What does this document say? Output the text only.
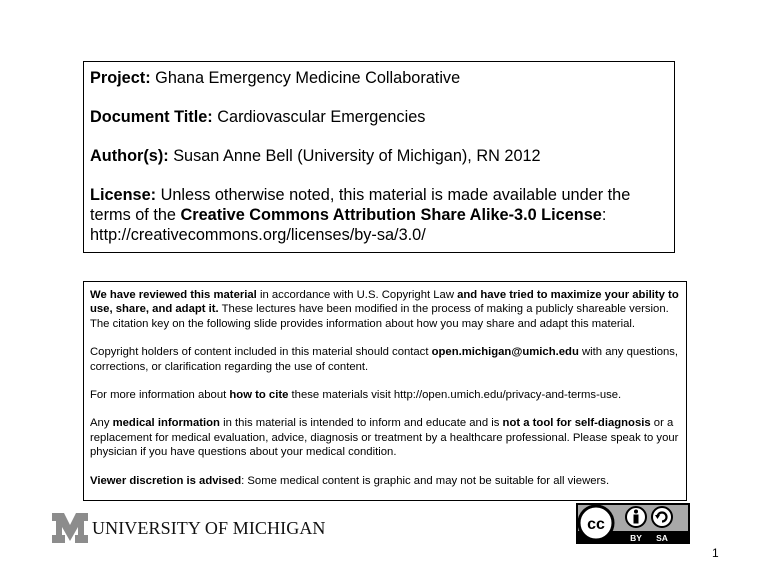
Project: Ghana Emergency Medicine Collaborative

Document Title: Cardiovascular Emergencies

Author(s): Susan Anne Bell (University of Michigan), RN 2012

License: Unless otherwise noted, this material is made available under the terms of the Creative Commons Attribution Share Alike-3.0 License:
http://creativecommons.org/licenses/by-sa/3.0/

We have reviewed this material in accordance with U.S. Copyright Law and have tried to maximize your ability to use, share, and adapt it. These lectures have been modified in the process of making a publicly shareable version. The citation key on the following slide provides information about how you may share and adapt this material.

Copyright holders of content included in this material should contact open.michigan@umich.edu with any questions, corrections, or clarification regarding the use of content.

For more information about how to cite these materials visit http://open.umich.edu/privacy-and-terms-use.

Any medical information in this material is intended to inform and educate and is not a tool for self-diagnosis or a replacement for medical evaluation, advice, diagnosis or treatment by a healthcare professional. Please speak to your physician if you have questions about your medical condition.

Viewer discretion is advised: Some medical content is graphic and may not be suitable for all viewers.

UNIVERSITY OF MICHIGAN	cc
BY SA
1
